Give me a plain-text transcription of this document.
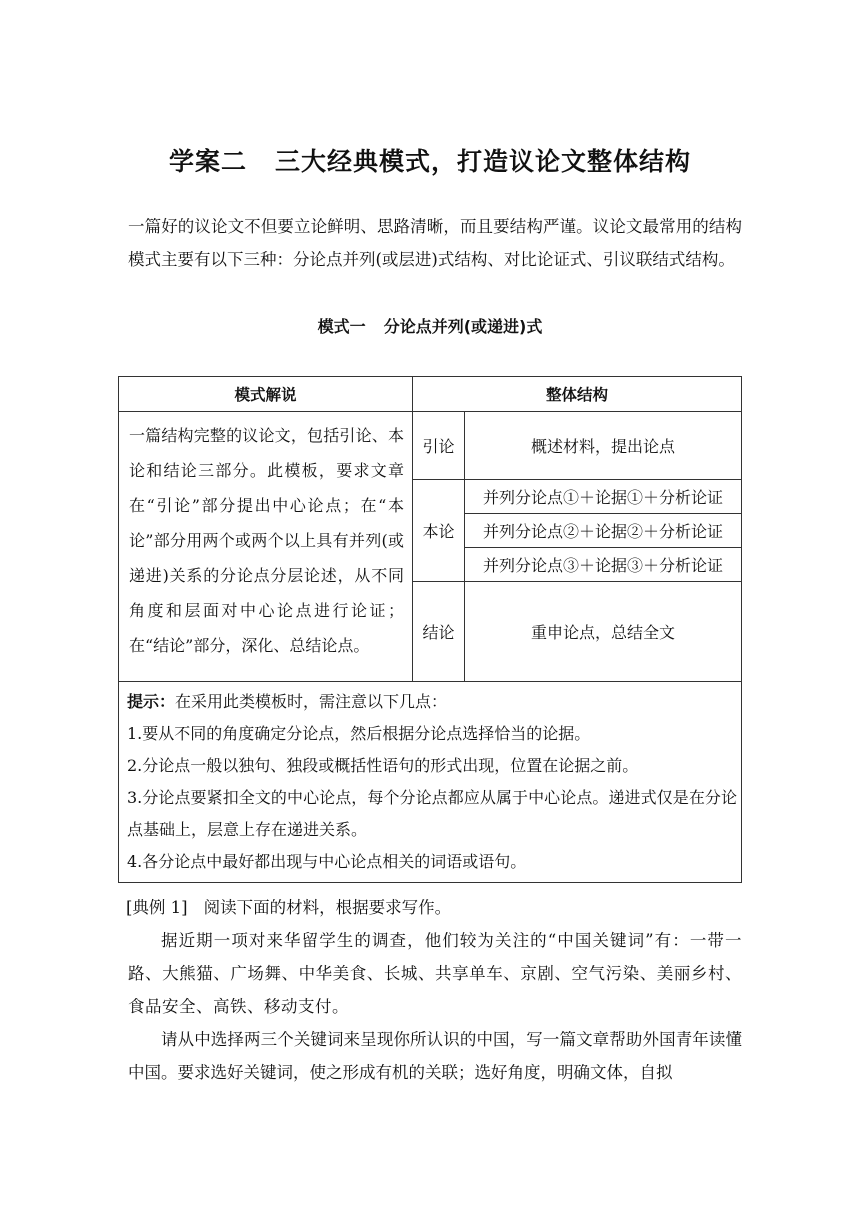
学案二 三大经典模式，打造议论文整体结构
一篇好的议论文不但要立论鲜明、思路清晰，而且要结构严谨。议论文最常用的结构模式主要有以下三种：分论点并列(或层进)式结构、对比论证式、引议联结式结构。
模式一 分论点并列(或递进)式
模式解说	整体结构	
一篇结构完整的议论文，包括引论、本论和结论三部分。此模板，要求文章在“引论”部分提出中心论点；在“本论”部分用两个或两个以上具有并列(或递进)关系的分论点分层论述，从不同角度和层面对中心论点进行论证；在“结论”部分，深化、总结论点。	引论	概述材料，提出论点
	本论	并列分论点①＋论据①＋分析论证
		并列分论点②＋论据②＋分析论证
		并列分论点③＋论据③＋分析论证
	结论	重申论点，总结全文

提示：在采用此类模板时，需注意以下几点：
1.要从不同的角度确定分论点，然后根据分论点选择恰当的论据。
2.分论点一般以独句、独段或概括性语句的形式出现，位置在论据之前。
3.分论点要紧扣全文的中心论点，每个分论点都应从属于中心论点。递进式仅是在分论点基础上，层意上存在递进关系。
4.各分论点中最好都出现与中心论点相关的词语或语句。		

[典例 1] 阅读下面的材料，根据要求写作。

据近期一项对来华留学生的调查，他们较为关注的“中国关键词”有：一带一路、大熊猫、广场舞、中华美食、长城、共享单车、京剧、空气污染、美丽乡村、食品安全、高铁、移动支付。

请从中选择两三个关键词来呈现你所认识的中国，写一篇文章帮助外国青年读懂中国。要求选好关键词，使之形成有机的关联；选好角度，明确文体，自拟
